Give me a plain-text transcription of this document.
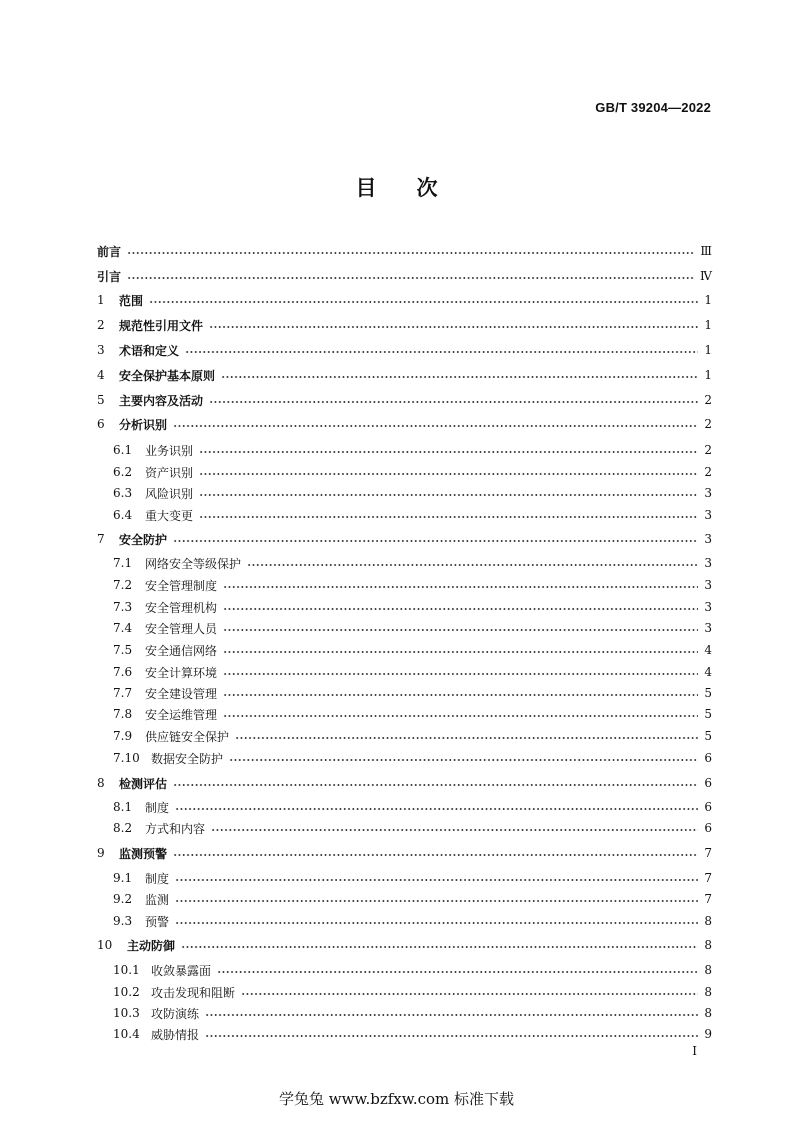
GB/T 39204—2022
目 次
前言	Ⅲ
引言	Ⅳ
1	范围	1
2	规范性引用文件	1
3	术语和定义	1
4	安全保护基本原则	1
5	主要内容及活动	2
6	分析识别	2
6.1	业务识别	2
6.2	资产识别	2
6.3	风险识别	3
6.4	重大变更	3
7	安全防护	3
7.1	网络安全等级保护	3
7.2	安全管理制度	3
7.3	安全管理机构	3
7.4	安全管理人员	3
7.5	安全通信网络	4
7.6	安全计算环境	4
7.7	安全建设管理	5
7.8	安全运维管理	5
7.9	供应链安全保护	5
7.10 数据安全防护	6
8	检测评估	6
8.1	制度	6
8.2	方式和内容	6
9	监测预警	7
9.1	制度	7
9.2	监测	7
9.3	预警	8
10	主动防御	8
10.1 收敛暴露面	8
10.2 攻击发现和阻断	8
10.3 攻防演练	8
10.4 威胁情报	9
I
学兔兔 www.bzfxw.com 标准下载
